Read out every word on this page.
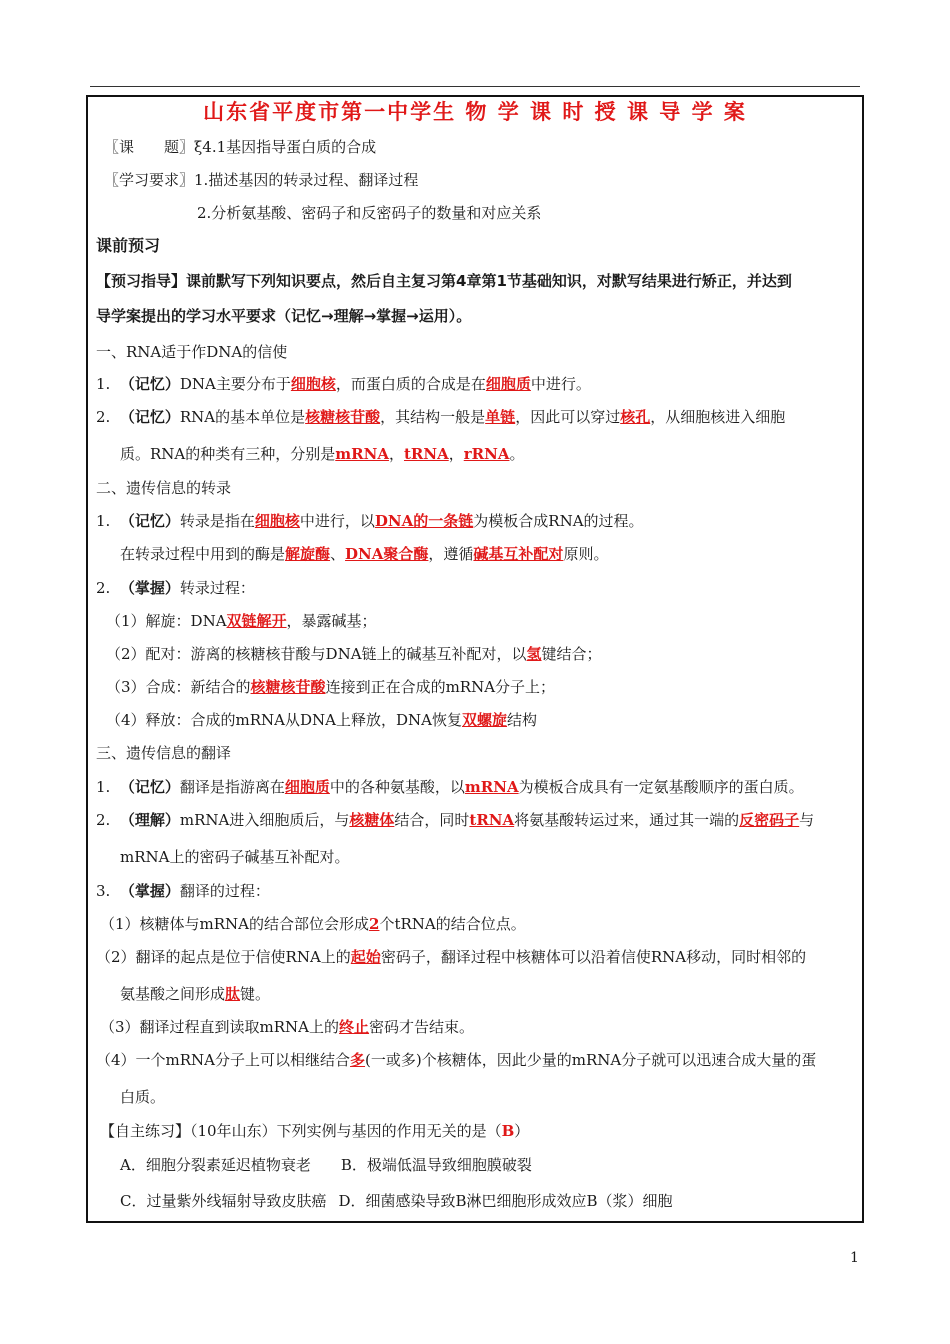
山东省平度市第一中学生 物 学 课 时 授 课 导 学 案
〖课　　题〗ξ4.1基因指导蛋白质的合成
〖学习要求〗1.描述基因的转录过程、翻译过程
2.分析氨基酸、密码子和反密码子的数量和对应关系
课前预习
【预习指导】课前默写下列知识要点，然后自主复习第4章第1节基础知识，对默写结果进行矫正，并达到
导学案提出的学习水平要求（记忆→理解→掌握→运用）。
一、RNA适于作DNA的信使
1. （记忆）DNA主要分布于细胞核，而蛋白质的合成是在细胞质中进行。
2. （记忆）RNA的基本单位是核糖核苷酸，其结构一般是单链，因此可以穿过核孔，从细胞核进入细胞
质。RNA的种类有三种，分别是mRNA，tRNA，rRNA。
二、遗传信息的转录
1. （记忆）转录是指在细胞核中进行，以DNA的一条链为模板合成RNA的过程。
在转录过程中用到的酶是解旋酶、DNA聚合酶，遵循碱基互补配对原则。
2. （掌握）转录过程：
（1）解旋：DNA双链解开，暴露碱基；
（2）配对：游离的核糖核苷酸与DNA链上的碱基互补配对，以氢键结合；
（3）合成：新结合的核糖核苷酸连接到正在合成的mRNA分子上；
（4）释放：合成的mRNA从DNA上释放，DNA恢复双螺旋结构
三、遗传信息的翻译
1. （记忆）翻译是指游离在细胞质中的各种氨基酸，以mRNA为模板合成具有一定氨基酸顺序的蛋白质。
2. （理解）mRNA进入细胞质后，与核糖体结合，同时tRNA将氨基酸转运过来，通过其一端的反密码子与
mRNA上的密码子碱基互补配对。
3. （掌握）翻译的过程：
（1）核糖体与mRNA的结合部位会形成2个tRNA的结合位点。
（2）翻译的起点是位于信使RNA上的起始密码子，翻译过程中核糖体可以沿着信使RNA移动，同时相邻的
氨基酸之间形成肽键。
（3）翻译过程直到读取mRNA上的终止密码才告结束。
（4）一个mRNA分子上可以相继结合多(一或多)个核糖体，因此少量的mRNA分子就可以迅速合成大量的蛋
白质。
【自主练习】（10年山东）下列实例与基因的作用无关的是（B）
A．细胞分裂素延迟植物衰老 B．极端低温导致细胞膜破裂
C．过量紫外线辐射导致皮肤癌 D．细菌感染导致B淋巴细胞形成效应B（浆）细胞
1
